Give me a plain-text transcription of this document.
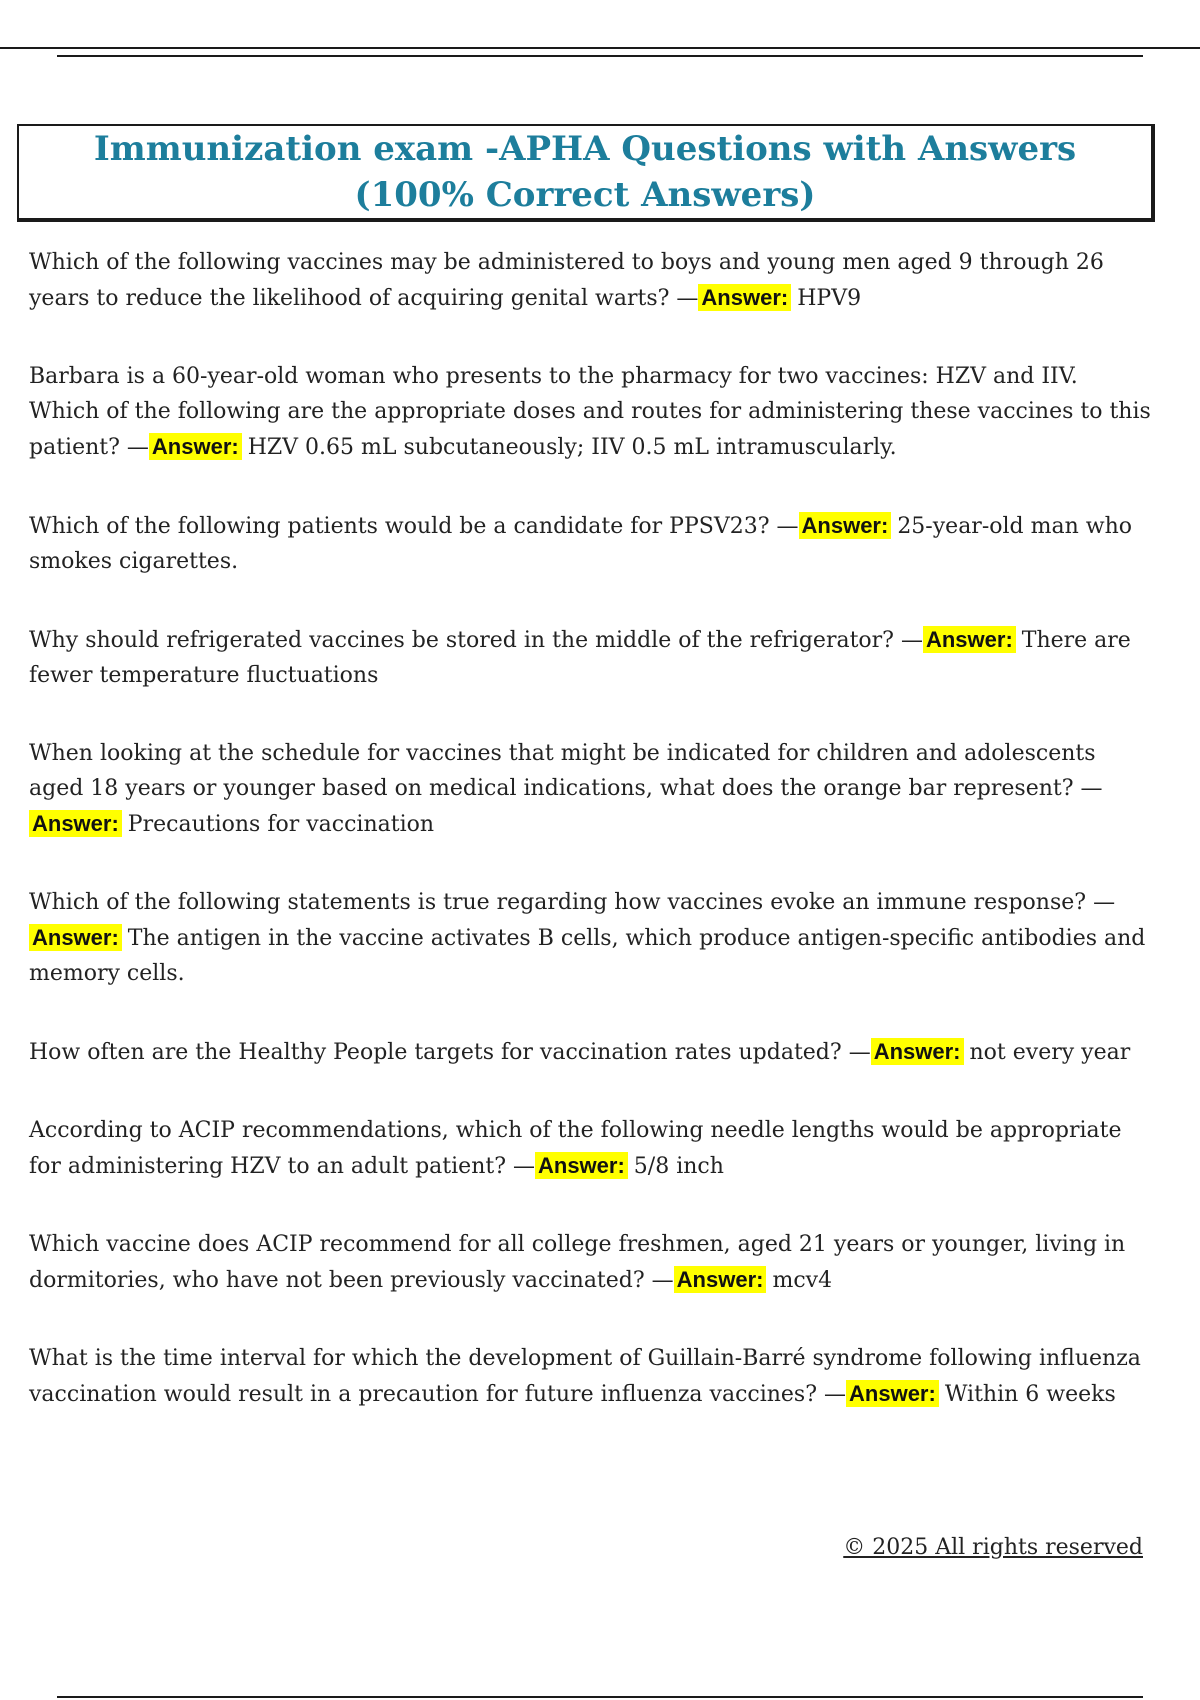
Immunization exam -APHA Questions with Answers (100% Correct Answers)

Which of the following vaccines may be administered to boys and young men aged 9 through 26 years to reduce the likelihood of acquiring genital warts? — Answer: HPV9

Barbara is a 60-year-old woman who presents to the pharmacy for two vaccines: HZV and IIV. Which of the following are the appropriate doses and routes for administering these vaccines to this patient? — Answer: HZV 0.65 mL subcutaneously; IIV 0.5 mL intramuscularly.

Which of the following patients would be a candidate for PPSV23? — Answer: 25-year-old man who smokes cigarettes.

Why should refrigerated vaccines be stored in the middle of the refrigerator? — Answer: There are fewer temperature fluctuations

When looking at the schedule for vaccines that might be indicated for children and adolescents aged 18 years or younger based on medical indications, what does the orange bar represent? —Answer: Precautions for vaccination

Which of the following statements is true regarding how vaccines evoke an immune response? —Answer: The antigen in the vaccine activates B cells, which produce antigen-specific antibodies and memory cells.

How often are the Healthy People targets for vaccination rates updated? — Answer: not every year

According to ACIP recommendations, which of the following needle lengths would be appropriate for administering HZV to an adult patient? — Answer: 5/8 inch

Which vaccine does ACIP recommend for all college freshmen, aged 21 years or younger, living in dormitories, who have not been previously vaccinated? — Answer: mcv4

What is the time interval for which the development of Guillain-Barré syndrome following influenza vaccination would result in a precaution for future influenza vaccines? — Answer: Within 6 weeks

© 2025 All rights reserved
